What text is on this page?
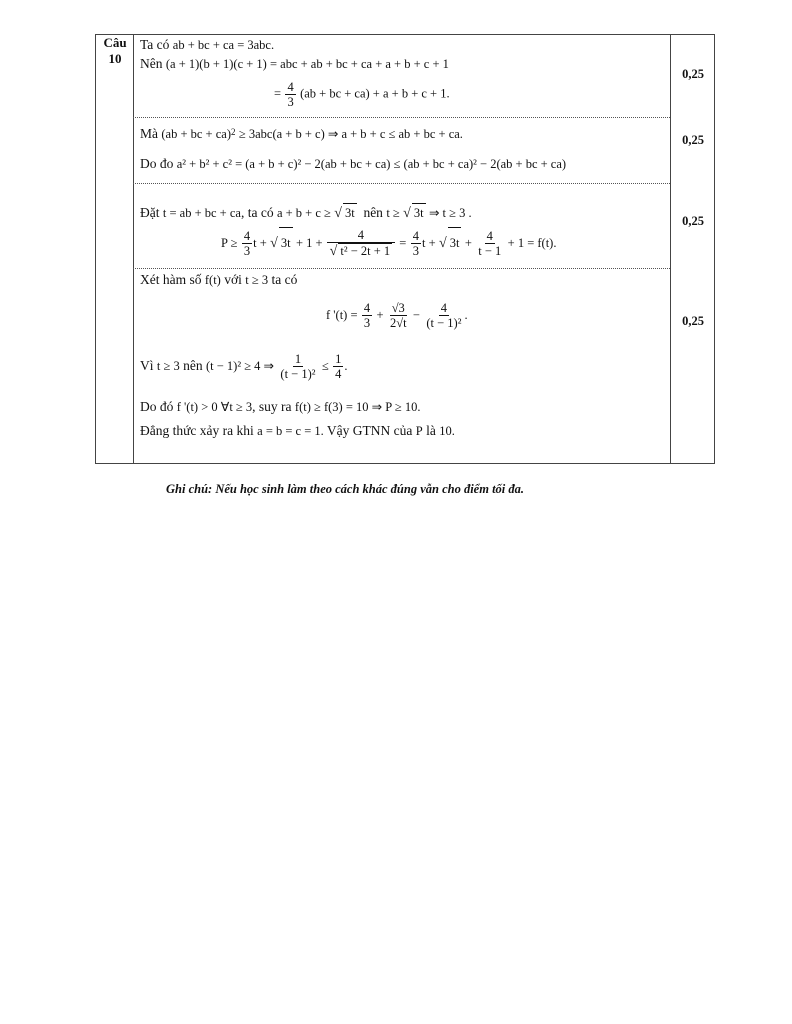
Câu
10
0,25
0,25
0,25
0,25
Ta có ab + bc + ca = 3abc.
Nên (a + 1)(b + 1)(c + 1) = abc + ab + bc + ca + a + b + c + 1
= $\frac{4}{3} (ab$ + bc + ca) + a + b + c + 1.
Mà (ab + bc + ca)$^2$ ≥ 3abc(a + b + c) ⇒ a + b + c ≤ ab + bc + ca.
Do đo a² + b² + c² = (a + b + c)² − 2(ab + bc + ca) ≤ (ab + bc + ca)² − 2(ab + bc + ca)
Đặt t = ab + bc + ca, ta có a + b + c ≥ √ 3t nên t ≥ √ 3t ⇒ t ≥ 3 .
$P \ge \frac{4}{3}$ t + √ $3t + 1 + \frac{4}{\text{√ t² − 2t + 1}} = \frac{4}{3}$ t + √ $3t + \frac{4}{t - 1} + 1 = f(t)$.
Xét hàm số f(t) với t ≥ 3 ta có
f '$(t) = \frac{4}{3} + \frac{√3}{2√t} - \frac{4}{\text{(t − 1)²}}$ .
Vì t ≥ 3 nên (t − 1)² ≥ 4 ⇒ $\frac{1}{\text{(t − 1)²}} \le \frac{1}{4}$ .
Do đó f '(t) > 0 ∀t ≥ 3, suy ra f(t) ≥ f(3) = 10 ⇒ P ≥ 10.
Đẳng thức xảy ra khi a = b = c = 1. Vậy GTNN của P là 10.
Ghi chú: Nếu học sinh làm theo cách khác đúng vẫn cho điểm tối đa.
